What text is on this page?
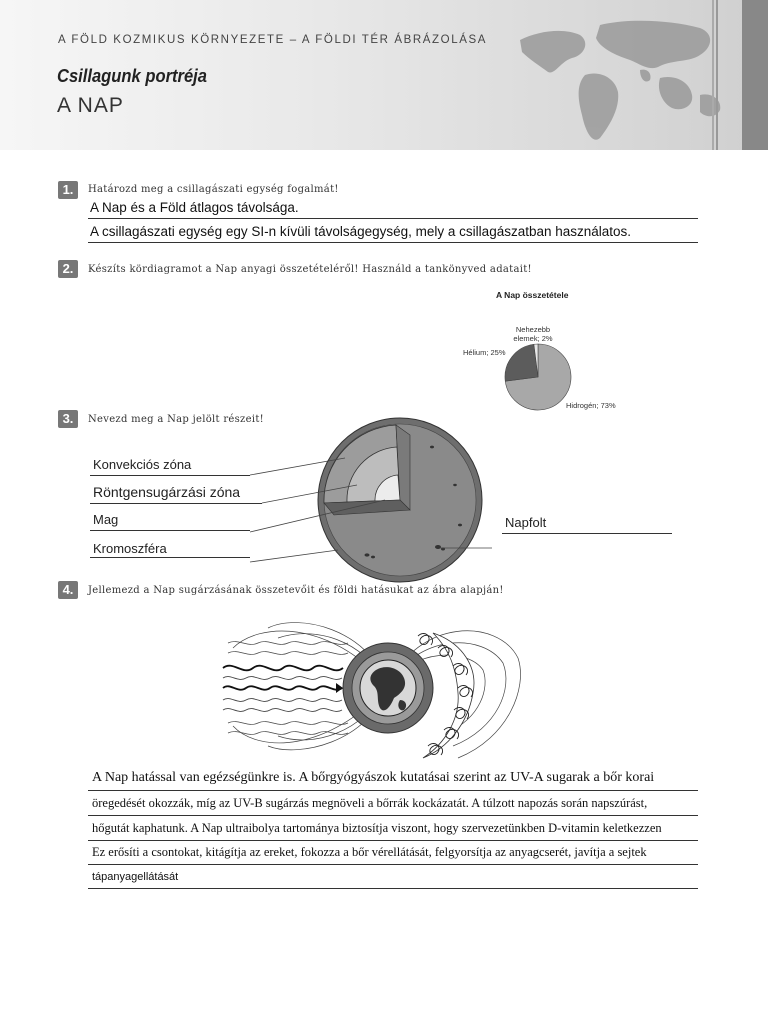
A FÖLD KOZMIKUS KÖRNYEZETE – A FÖLDI TÉR ÁBRÁZOLÁSA
Csillagunk portréja
A NAP
1.	Határozd meg a csillagászati egység fogalmát!
A Nap és a Föld átlagos távolsága.
A csillagászati egység egy SI-n kívüli távolságegység, mely a csillagászatban használatos.
2.	Készíts kördiagramot a Nap anyagi összetételéről! Használd a tankönyved adatait!
A Nap összetétele
Nehezebb elemek; 2%
Hélium; 25%
Hidrogén; 73%
3.	Nevezd meg a Nap jelölt részeit!
Konvekciós zóna
Röntgensugárzási zóna
Mag
Kromoszféra
Napfolt
4.	Jellemezd a Nap sugárzásának összetevőit és földi hatásukat az ábra alapján!
A Nap hatással van egézségünkre is. A bőrgyógyászok kutatásai szerint az UV-A sugarak a bőr korai
öregedését okozzák, míg az UV-B sugárzás megnöveli a bőrrák kockázatát. A túlzott napozás során napszúrást,
hőgutát kaphatunk. A Nap ultraibolya tartománya biztosítja viszont, hogy szervezetünkben D-vitamin keletkezzen
Ez erősíti a csontokat, kitágítja az ereket, fokozza a bőr vérellátását, felgyorsítja az anyagcserét, javítja a sejtek
tápanyagellátását
